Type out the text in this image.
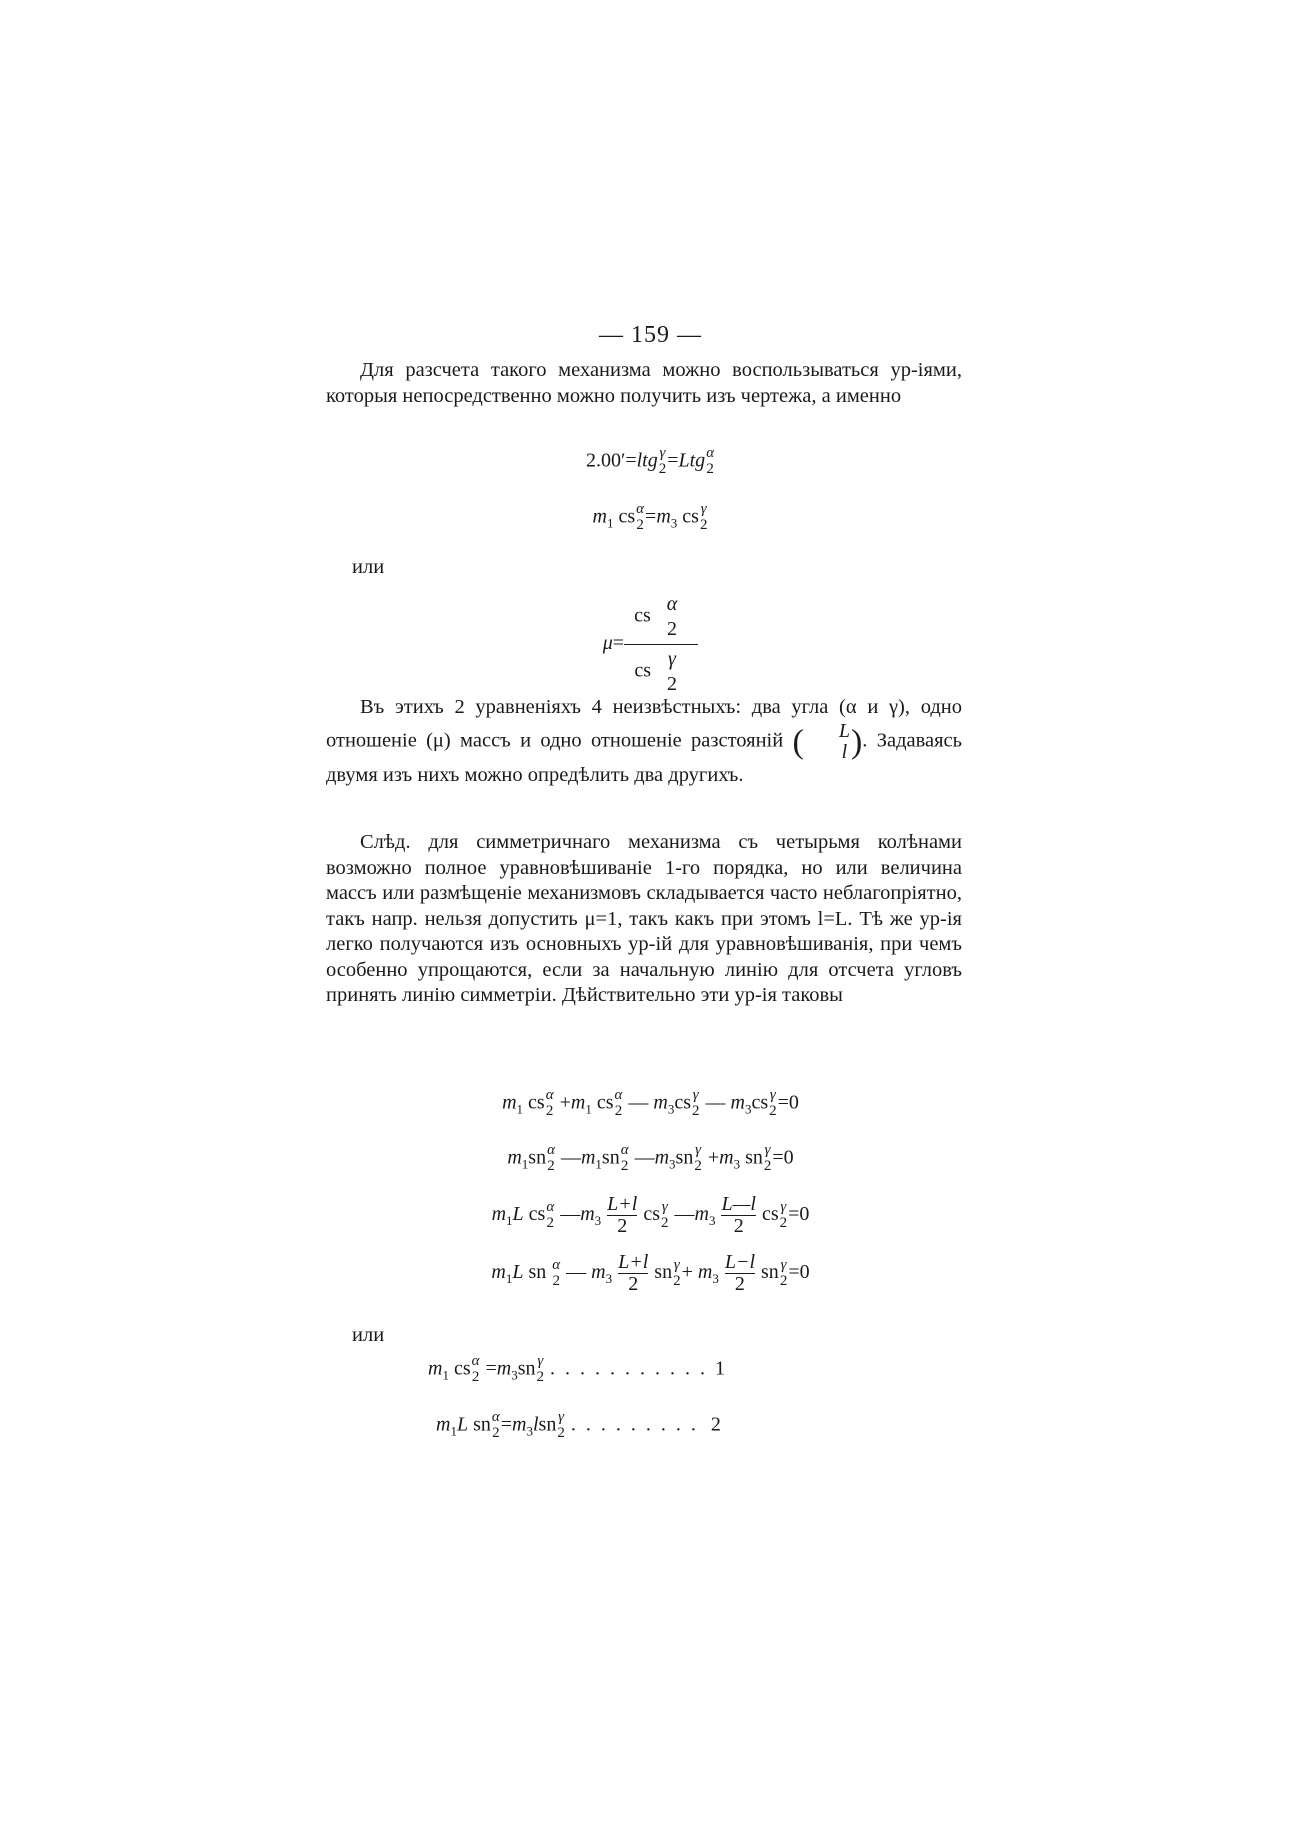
— 159 —

Для разсчета такого механизма можно воспользываться ур-іями, которыя непосредственно можно получить изъ чертежа, а именно

2.00′=ltg γ
2 =Ltg α
2
$m_1$ cs α
$2 =m_3$ cs γ
2
или
μ= cs
α
2
cs
γ
2

Въ этихъ 2 уравненіяхъ 4 неизвѣстныхъ: два угла (α и γ), одно отношеніе (μ) массъ и одно отношеніе разстояній (	L
l ). Задаваясь двумя изъ нихъ можно опредѣлить два другихъ.

Слѣд. для симметричнаго механизма съ четырьмя колѣнами возможно полное уравновѣшиваніе 1-го порядка, но или величина массъ или размѣщеніе механизмовъ складывается часто неблагопріятно, такъ напр. нельзя допустить μ=1, такъ какъ при этомъ l=L. Тѣ же ур-ія легко получаются изъ основныхъ ур-ій для уравновѣшиванія, при чемъ особенно упрощаются, если за начальную линію для отсчета угловъ принять линію симметріи. Дѣйствительно эти ур-ія таковы

$m_1$ cs α
$2 +m_1$ cs α
2 — $m_3cs$ γ
2 — $m_3cs$ γ
2 =0
$m_1sn$ α
2 $—m_1sn$ α
2 $—m_3sn$ γ
$2 +m_3$ sn γ
2 =0
$m_1L$ cs α
2 $—m_3 \frac{L+l}{2}$ cs γ
2 $—m_3 \frac{L—l}{2}$ cs γ
2 =0
$m_1L$ sn α
2 — $m_3 \frac{L+l}{2}$ sn γ
$2 + m_3 \frac{L-l}{2}$ sn γ
2 =0
или
$m_1$ cs α
$2 =m_3sn$ γ
2 ...........1
$m_1L$ sn α
$2 =m_3lsn$ γ
2 ......... 2
